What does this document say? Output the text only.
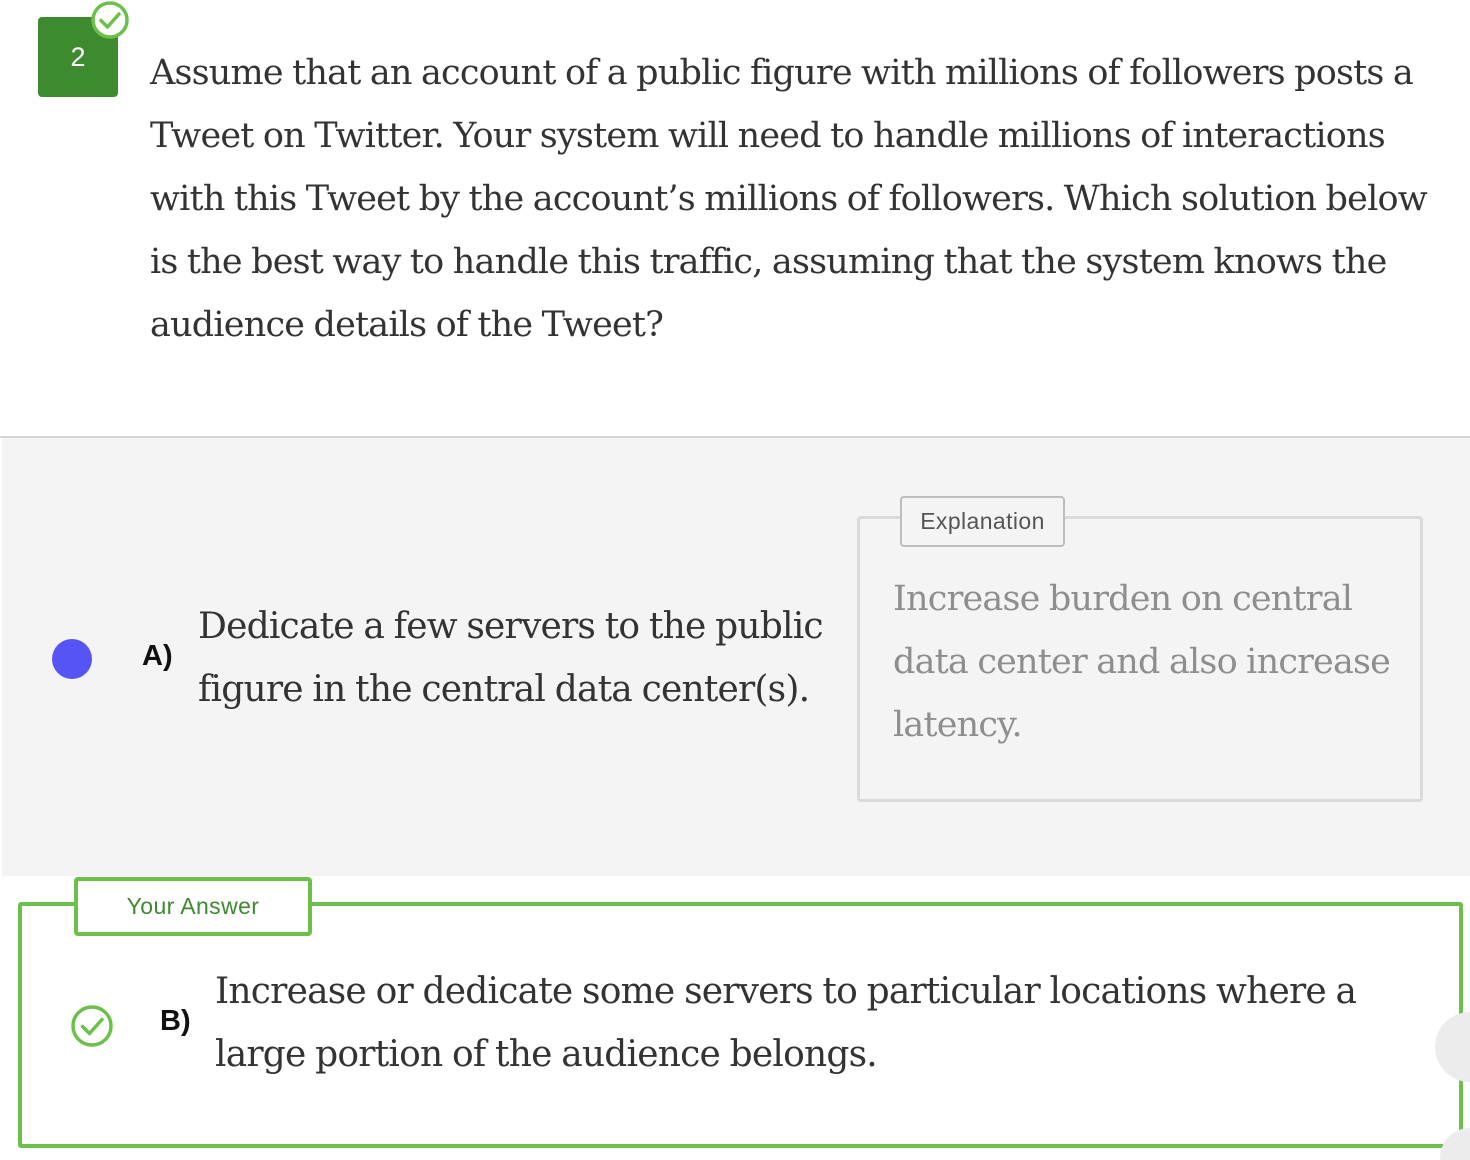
2 Assume that an account of a public figure with millions of followers posts a Tweet on Twitter. Your system will need to handle millions of interactions with this Tweet by the account’s millions of followers. Which solution below is the best way to handle this traffic, assuming that the system knows the audience details of the Tweet?

A)

Dedicate a few servers to the public figure in the central data center(s).

Explanation

Increase burden on central data center and also increase latency.

Your Answer
B)

Increase or dedicate some servers to particular locations where a large portion of the audience belongs.
